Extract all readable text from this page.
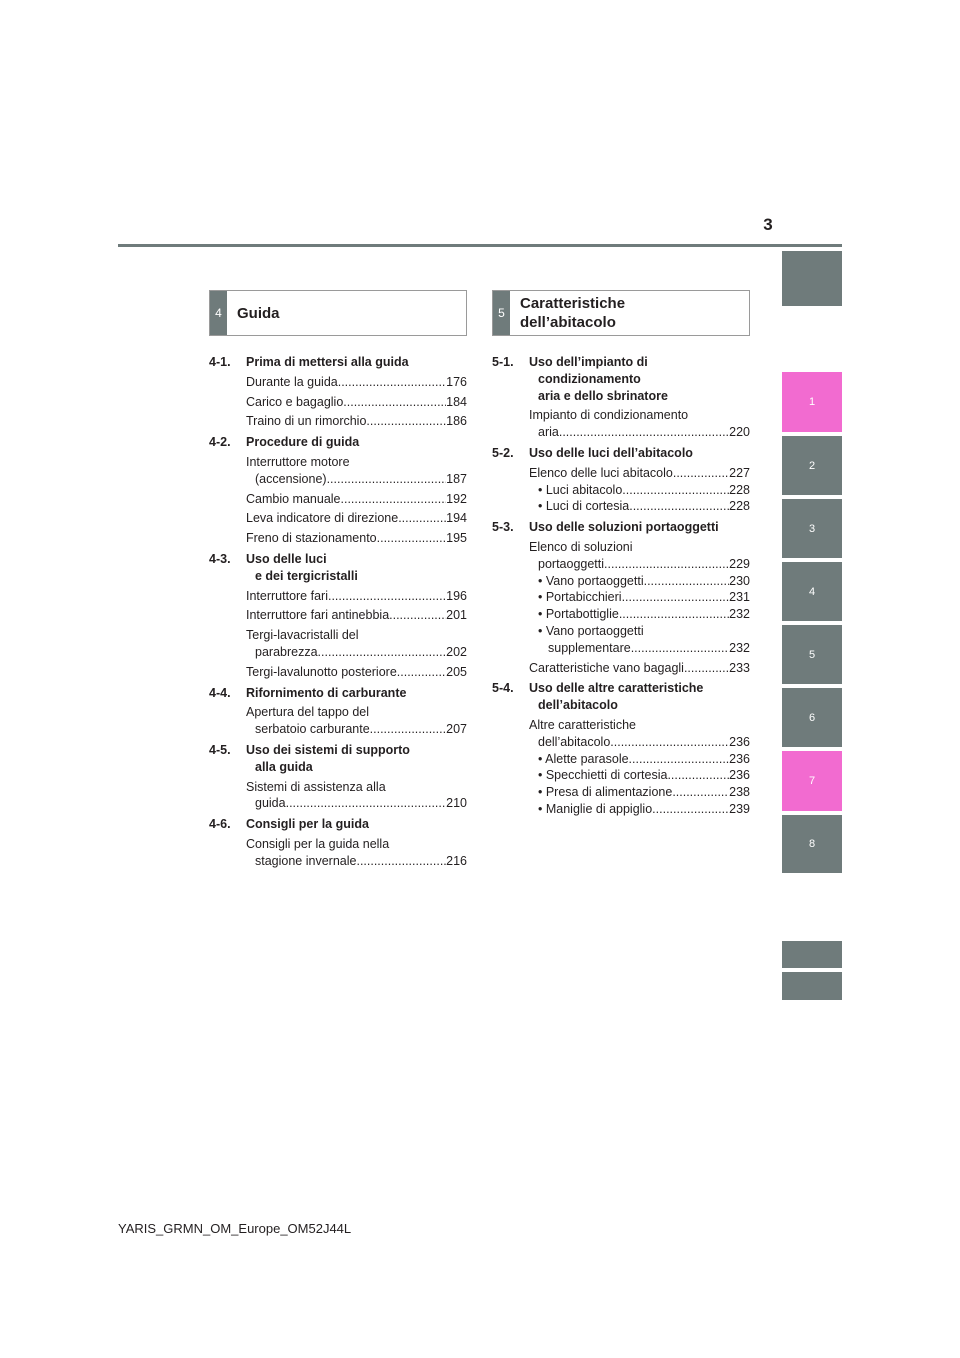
3
1
2
3
4
5
6
7
8
4	Guida
4-1.	Prima di mettersi alla guida
Durante la guida .....	176
Carico e bagaglio .....	184
Traino di un rimorchio .....	186
4-2.	Procedure di guida
Interruttore motore
(accensione) .....	187
Cambio manuale .....	192
Leva indicatore di direzione .....	194
Freno di stazionamento .....	195
4-3.	Uso delle luci
e dei tergicristalli
Interruttore fari .....	196
Interruttore fari antinebbia .....	201
Tergi-lavacristalli del
parabrezza .....	202
Tergi-lavalunotto posteriore .....	205
4-4.	Rifornimento di carburante
Apertura del tappo del
serbatoio carburante .....	207
4-5.	Uso dei sistemi di supporto
alla guida
Sistemi di assistenza alla
guida .....	210
4-6.	Consigli per la guida
Consigli per la guida nella
stagione invernale .....	216
5
Caratteristiche
dell’abitacolo
5-1.	Uso dell’impianto di
condizionamento
aria e dello sbrinatore
Impianto di condizionamento
aria .....	220
5-2.	Uso delle luci dell’abitacolo
Elenco delle luci abitacolo .....	227
• Luci abitacolo .....	228
• Luci di cortesia .....	228
5-3.	Uso delle soluzioni portaoggetti
Elenco di soluzioni
portaoggetti .....	229
• Vano portaoggetti .....	230
• Portabicchieri .....	231
• Portabottiglie .....	232
• Vano portaoggetti
supplementare .....	232
Caratteristiche vano bagagli .....	233
5-4.	Uso delle altre caratteristiche
dell’abitacolo
Altre caratteristiche
dell’abitacolo .....	236
• Alette parasole .....	236
• Specchietti di cortesia .....	236
• Presa di alimentazione .....	238
• Maniglie di appiglio .....	239
YARIS_GRMN_OM_Europe_OM52J44L
